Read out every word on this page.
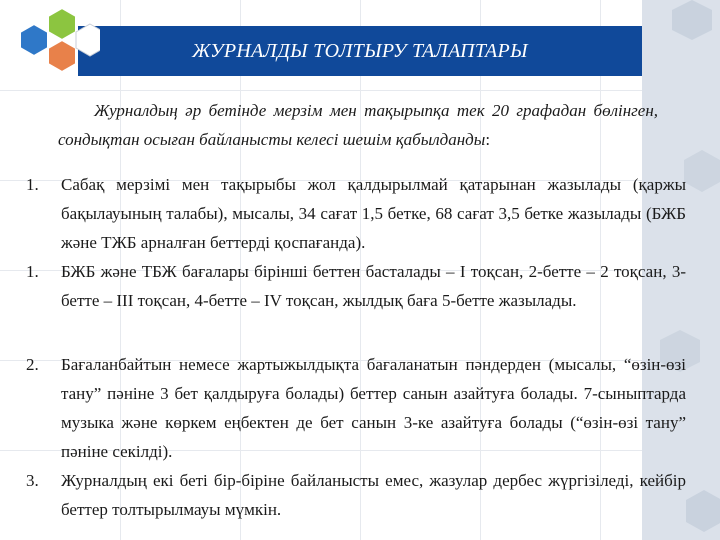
ЖУРНАЛДЫ ТОЛТЫРУ ТАЛАПТАРЫ
Журналдың әр бетінде мерзім мен тақырыпқа тек 20 графадан бөлінген, сондықтан осыған байланысты келесі шешім қабылданды:
1.	Сабақ мерзімі мен тақырыбы жол қалдырылмай қатарынан жазылады (қаржы бақылауының талабы), мысалы, 34 сағат 1,5 бетке, 68 сағат 3,5 бетке жазылады (БЖБ және ТЖБ арналған беттерді қоспағанда).
1.	БЖБ және ТБЖ бағалары бірінші беттен басталады – І тоқсан, 2-бетте – 2 тоқсан, 3-бетте – ІІІ тоқсан, 4-бетте – ІV тоқсан, жылдық баға 5-бетте жазылады.
2.	Бағаланбайтын немесе жартыжылдықта бағаланатын пәндерден (мысалы, “өзін-өзі тану” пәніне 3 бет қалдыруға болады) беттер санын азайтуға болады. 7-сыныптарда музыка және көркем еңбектен де бет санын 3-ке азайтуға болады (“өзін-өзі тану” пәніне секілді).
3.	Журналдың екі беті бір-біріне байланысты емес, жазулар дербес жүргізіледі, кейбір беттер толтырылмауы мүмкін.
